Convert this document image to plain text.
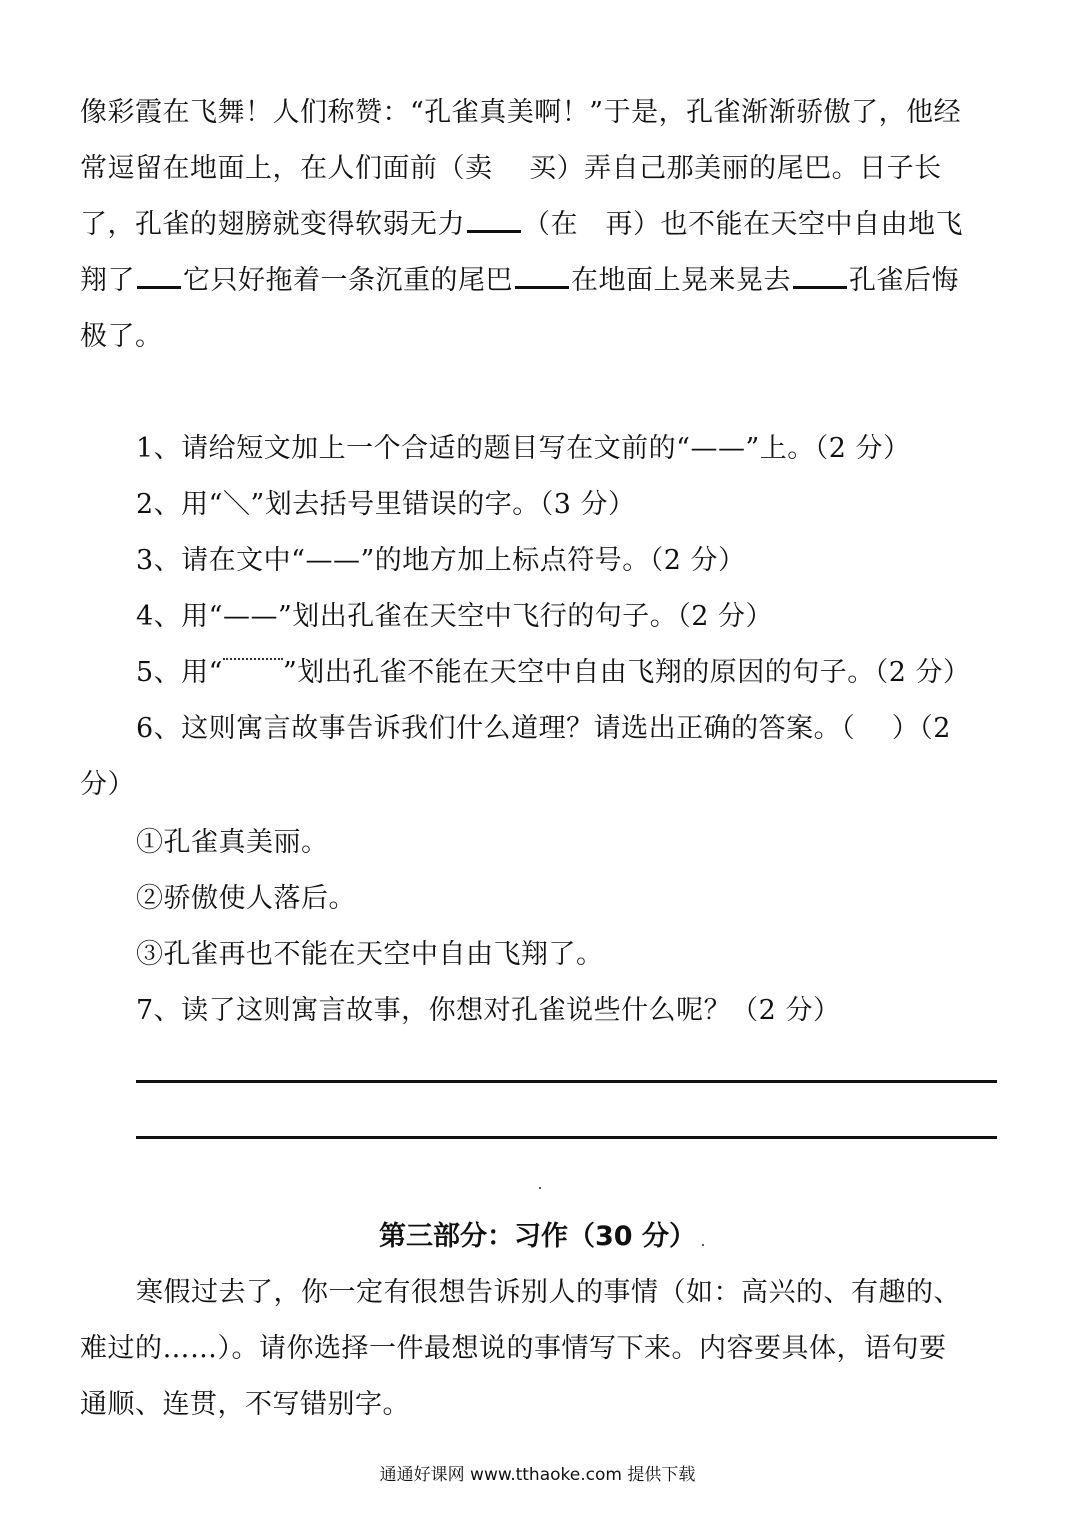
像彩霞在飞舞！人们称赞：“孔雀真美啊！”于是，孔雀渐渐骄傲了，他经
常逗留在地面上，在人们面前（卖　 买）弄自己那美丽的尾巴。日子长
了，孔雀的翅膀就变得软弱无力 （在　再）也不能在天空中自由地飞
翔了 它只好拖着一条沉重的尾巴 在地面上晃来晃去 孔雀后悔
极了。
1、请给短文加上一个合适的题目写在文前的“——”上。（2 分）
2、用“＼”划去括号里错误的字。（3 分）
3、请在文中“——”的地方加上标点符号。（2 分）
4、用“——”划出孔雀在天空中飞行的句子。（2 分）
5、用“ ”划出孔雀不能在天空中自由飞翔的原因的句子。（2 分）
6、这则寓言故事告诉我们什么道理？请选出正确的答案。（　 ）（2
分）
①孔雀真美丽。
②骄傲使人落后。
③孔雀再也不能在天空中自由飞翔了。
7、读了这则寓言故事，你想对孔雀说些什么呢？（2 分）
第三部分：习作（30 分）
寒假过去了，你一定有很想告诉别人的事情（如：高兴的、有趣的、
难过的……）。请你选择一件最想说的事情写下来。内容要具体，语句要
通顺、连贯，不写错别字。
通通好课网 www.tthaoke.com 提供下载
